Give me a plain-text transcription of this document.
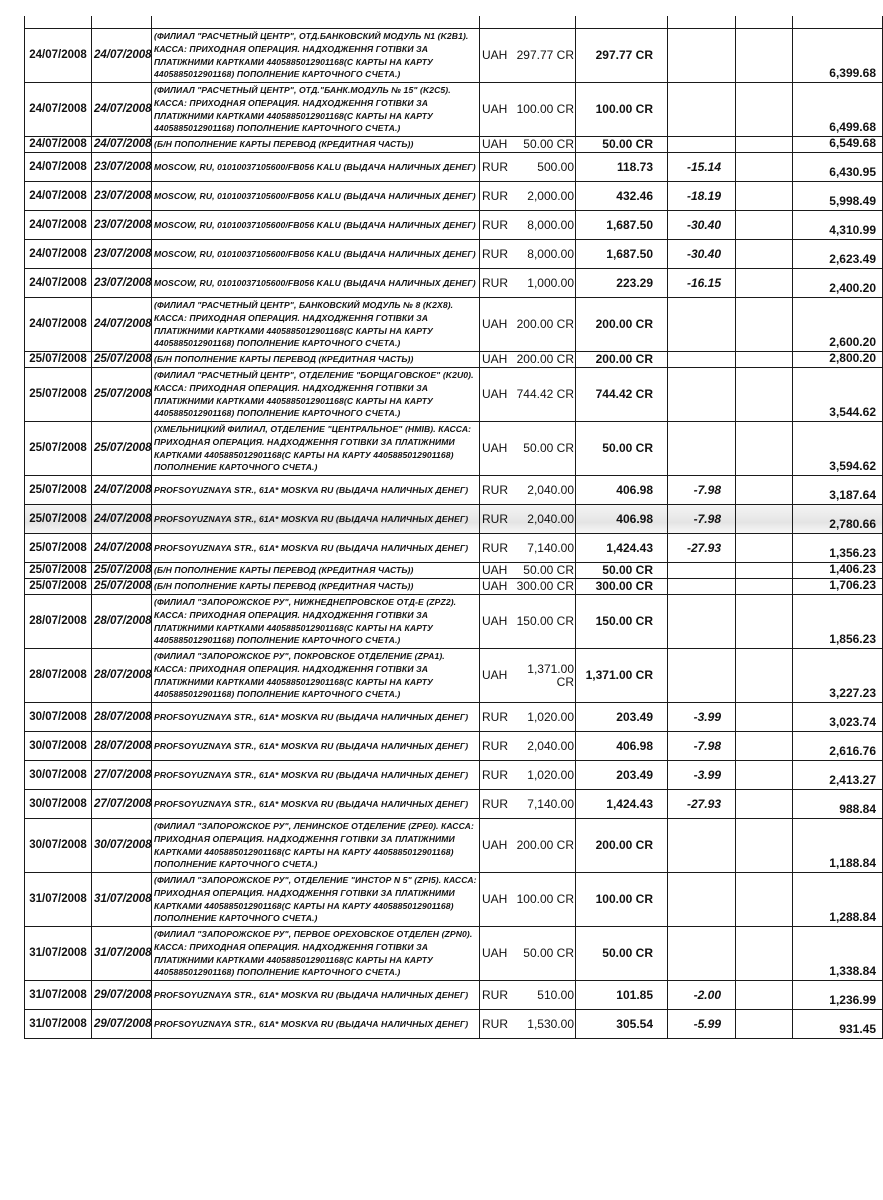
24/07/2008	24/07/2008	(ФИЛИАЛ "РАСЧЕТНЫЙ ЦЕНТР", ОТД.БАНКОВСКИЙ МОДУЛЬ N1 (K2B1). КАССА: ПРИХОДНАЯ ОПЕРАЦИЯ. НАДХОДЖЕННЯ ГОТІВКИ ЗА ПЛАТІЖНИМИ КАРТКАМИ 4405885012901168(С КАРТЫ НА КАРТУ 4405885012901168) ПОПОЛНЕНИЕ КАРТОЧНОГО СЧЕТА.)	UAH	297.77 CR	297.77 CR			6,399.68
24/07/2008	24/07/2008	(ФИЛИАЛ "РАСЧЕТНЫЙ ЦЕНТР", ОТД."БАНК.МОДУЛЬ № 15" (K2C5). КАССА: ПРИХОДНАЯ ОПЕРАЦИЯ. НАДХОДЖЕННЯ ГОТІВКИ ЗА ПЛАТІЖНИМИ КАРТКАМИ 4405885012901168(С КАРТЫ НА КАРТУ 4405885012901168) ПОПОЛНЕНИЕ КАРТОЧНОГО СЧЕТА.)	UAH	100.00 CR	100.00 CR			6,499.68
24/07/2008	24/07/2008	(Б/Н ПОПОЛНЕНИЕ КАРТЫ ПЕРЕВОД (КРЕДИТНАЯ ЧАСТЬ))	UAH	50.00 CR	50.00 CR			6,549.68
24/07/2008	23/07/2008	MOSCOW, RU, 01010037105600/FB056 KALU (ВЫДАЧА НАЛИЧНЫХ ДЕНЕГ)	RUR	500.00	118.73	-15.14		6,430.95
24/07/2008	23/07/2008	MOSCOW, RU, 01010037105600/FB056 KALU (ВЫДАЧА НАЛИЧНЫХ ДЕНЕГ)	RUR	2,000.00	432.46	-18.19		5,998.49
24/07/2008	23/07/2008	MOSCOW, RU, 01010037105600/FB056 KALU (ВЫДАЧА НАЛИЧНЫХ ДЕНЕГ)	RUR	8,000.00	1,687.50	-30.40		4,310.99
24/07/2008	23/07/2008	MOSCOW, RU, 01010037105600/FB056 KALU (ВЫДАЧА НАЛИЧНЫХ ДЕНЕГ)	RUR	8,000.00	1,687.50	-30.40		2,623.49
24/07/2008	23/07/2008	MOSCOW, RU, 01010037105600/FB056 KALU (ВЫДАЧА НАЛИЧНЫХ ДЕНЕГ)	RUR	1,000.00	223.29	-16.15		2,400.20
24/07/2008	24/07/2008	(ФИЛИАЛ "РАСЧЕТНЫЙ ЦЕНТР", БАНКОВСКИЙ МОДУЛЬ № 8 (K2X8). КАССА: ПРИХОДНАЯ ОПЕРАЦИЯ. НАДХОДЖЕННЯ ГОТІВКИ ЗА ПЛАТІЖНИМИ КАРТКАМИ 4405885012901168(С КАРТЫ НА КАРТУ 4405885012901168) ПОПОЛНЕНИЕ КАРТОЧНОГО СЧЕТА.)	UAH	200.00 CR	200.00 CR			2,600.20
25/07/2008	25/07/2008	(Б/Н ПОПОЛНЕНИЕ КАРТЫ ПЕРЕВОД (КРЕДИТНАЯ ЧАСТЬ))	UAH	200.00 CR	200.00 CR			2,800.20
25/07/2008	25/07/2008	(ФИЛИАЛ "РАСЧЕТНЫЙ ЦЕНТР", ОТДЕЛЕНИЕ "БОРЩАГОВСКОЕ" (K2U0). КАССА: ПРИХОДНАЯ ОПЕРАЦИЯ. НАДХОДЖЕННЯ ГОТІВКИ ЗА ПЛАТІЖНИМИ КАРТКАМИ 4405885012901168(С КАРТЫ НА КАРТУ 4405885012901168) ПОПОЛНЕНИЕ КАРТОЧНОГО СЧЕТА.)	UAH	744.42 CR	744.42 CR			3,544.62
25/07/2008	25/07/2008	(ХМЕЛЬНИЦКИЙ ФИЛИАЛ, ОТДЕЛЕНИЕ "ЦЕНТРАЛЬНОЕ" (HMIB). КАССА: ПРИХОДНАЯ ОПЕРАЦИЯ. НАДХОДЖЕННЯ ГОТІВКИ ЗА ПЛАТІЖНИМИ КАРТКАМИ 4405885012901168(С КАРТЫ НА КАРТУ 4405885012901168) ПОПОЛНЕНИЕ КАРТОЧНОГО СЧЕТА.)	UAH	50.00 CR	50.00 CR			3,594.62
25/07/2008	24/07/2008	PROFSOYUZNAYA STR., 61A* MOSKVA RU (ВЫДАЧА НАЛИЧНЫХ ДЕНЕГ)	RUR	2,040.00	406.98	-7.98		3,187.64
25/07/2008	24/07/2008	PROFSOYUZNAYA STR., 61A* MOSKVA RU (ВЫДАЧА НАЛИЧНЫХ ДЕНЕГ)	RUR	2,040.00	406.98	-7.98		2,780.66
25/07/2008	24/07/2008	PROFSOYUZNAYA STR., 61A* MOSKVA RU (ВЫДАЧА НАЛИЧНЫХ ДЕНЕГ)	RUR	7,140.00	1,424.43	-27.93		1,356.23
25/07/2008	25/07/2008	(Б/Н ПОПОЛНЕНИЕ КАРТЫ ПЕРЕВОД (КРЕДИТНАЯ ЧАСТЬ))	UAH	50.00 CR	50.00 CR			1,406.23
25/07/2008	25/07/2008	(Б/Н ПОПОЛНЕНИЕ КАРТЫ ПЕРЕВОД (КРЕДИТНАЯ ЧАСТЬ))	UAH	300.00 CR	300.00 CR			1,706.23
28/07/2008	28/07/2008	(ФИЛИАЛ "ЗАПОРОЖСКОЕ РУ", НИЖНЕДНЕПРОВСКОЕ ОТД-Е (ZPZ2). КАССА: ПРИХОДНАЯ ОПЕРАЦИЯ. НАДХОДЖЕННЯ ГОТІВКИ ЗА ПЛАТІЖНИМИ КАРТКАМИ 4405885012901168(С КАРТЫ НА КАРТУ 4405885012901168) ПОПОЛНЕНИЕ КАРТОЧНОГО СЧЕТА.)	UAH	150.00 CR	150.00 CR			1,856.23
28/07/2008	28/07/2008	(ФИЛИАЛ "ЗАПОРОЖСКОЕ РУ", ПОКРОВСКОЕ ОТДЕЛЕНИЕ (ZPA1). КАССА: ПРИХОДНАЯ ОПЕРАЦИЯ. НАДХОДЖЕННЯ ГОТІВКИ ЗА ПЛАТІЖНИМИ КАРТКАМИ 4405885012901168(С КАРТЫ НА КАРТУ 4405885012901168) ПОПОЛНЕНИЕ КАРТОЧНОГО СЧЕТА.)	UAH	1,371.00 CR	1,371.00 CR			3,227.23
30/07/2008	28/07/2008	PROFSOYUZNAYA STR., 61A* MOSKVA RU (ВЫДАЧА НАЛИЧНЫХ ДЕНЕГ)	RUR	1,020.00	203.49	-3.99		3,023.74
30/07/2008	28/07/2008	PROFSOYUZNAYA STR., 61A* MOSKVA RU (ВЫДАЧА НАЛИЧНЫХ ДЕНЕГ)	RUR	2,040.00	406.98	-7.98		2,616.76
30/07/2008	27/07/2008	PROFSOYUZNAYA STR., 61A* MOSKVA RU (ВЫДАЧА НАЛИЧНЫХ ДЕНЕГ)	RUR	1,020.00	203.49	-3.99		2,413.27
30/07/2008	27/07/2008	PROFSOYUZNAYA STR., 61A* MOSKVA RU (ВЫДАЧА НАЛИЧНЫХ ДЕНЕГ)	RUR	7,140.00	1,424.43	-27.93		988.84
30/07/2008	30/07/2008	(ФИЛИАЛ "ЗАПОРОЖСКОЕ РУ", ЛЕНИНСКОЕ ОТДЕЛЕНИЕ (ZPE0). КАССА: ПРИХОДНАЯ ОПЕРАЦИЯ. НАДХОДЖЕННЯ ГОТІВКИ ЗА ПЛАТІЖНИМИ КАРТКАМИ 4405885012901168(С КАРТЫ НА КАРТУ 4405885012901168) ПОПОЛНЕНИЕ КАРТОЧНОГО СЧЕТА.)	UAH	200.00 CR	200.00 CR			1,188.84
31/07/2008	31/07/2008	(ФИЛИАЛ "ЗАПОРОЖСКОЕ РУ", ОТДЕЛЕНИЕ "ИНСТОР N 5" (ZPI5). КАССА: ПРИХОДНАЯ ОПЕРАЦИЯ. НАДХОДЖЕННЯ ГОТІВКИ ЗА ПЛАТІЖНИМИ КАРТКАМИ 4405885012901168(С КАРТЫ НА КАРТУ 4405885012901168) ПОПОЛНЕНИЕ КАРТОЧНОГО СЧЕТА.)	UAH	100.00 CR	100.00 CR			1,288.84
31/07/2008	31/07/2008	(ФИЛИАЛ "ЗАПОРОЖСКОЕ РУ", ПЕРВОЕ ОРЕХОВСКОЕ ОТДЕЛЕН (ZPN0). КАССА: ПРИХОДНАЯ ОПЕРАЦИЯ. НАДХОДЖЕННЯ ГОТІВКИ ЗА ПЛАТІЖНИМИ КАРТКАМИ 4405885012901168(С КАРТЫ НА КАРТУ 4405885012901168) ПОПОЛНЕНИЕ КАРТОЧНОГО СЧЕТА.)	UAH	50.00 CR	50.00 CR			1,338.84
31/07/2008	29/07/2008	PROFSOYUZNAYA STR., 61A* MOSKVA RU (ВЫДАЧА НАЛИЧНЫХ ДЕНЕГ)	RUR	510.00	101.85	-2.00		1,236.99
31/07/2008	29/07/2008	PROFSOYUZNAYA STR., 61A* MOSKVA RU (ВЫДАЧА НАЛИЧНЫХ ДЕНЕГ)	RUR	1,530.00	305.54	-5.99		931.45
